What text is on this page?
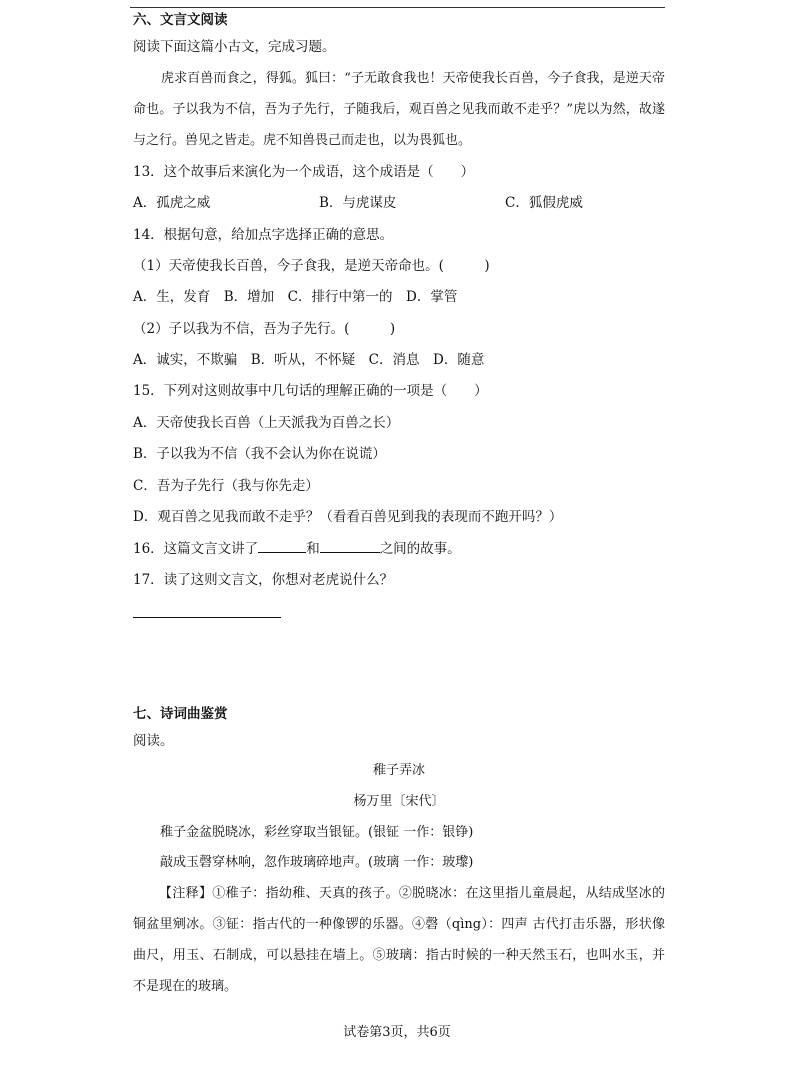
六、文言文阅读
阅读下面这篇小古文，完成习题。
虎求百兽而食之，得狐。狐曰：“子无敢食我也！天帝使我长百兽，今子食我，是逆天帝命也。子以我为不信，吾为子先行，子随我后，观百兽之见我而敢不走乎？”虎以为然，故遂与之行。兽见之皆走。虎不知兽畏己而走也，以为畏狐也。
13．这个故事后来演化为一个成语，这个成语是（　　）
A．孤虎之威	B．与虎谋皮	C．狐假虎威
14．根据句意，给加点字选择正确的意思。
（1）天帝使我长百兽，今子食我，是逆天帝命也。(　　　)
A．生，发育　B．增加　C．排行中第一的　D．掌管
（2）子以我为不信，吾为子先行。(　　　)
A．诚实，不欺骗　B．听从，不怀疑　C．消息　D．随意
15．下列对这则故事中几句话的理解正确的一项是（　　）
A．天帝使我长百兽（上天派我为百兽之长）
B．子以我为不信（我不会认为你在说谎）
C．吾为子先行（我与你先走）
D．观百兽之见我而敢不走乎？（看看百兽见到我的表现而不跑开吗？）
16．这篇文言文讲了	和	之间的故事。
17．读了这则文言文，你想对老虎说什么？
七、诗词曲鉴赏
阅读。
稚子弄冰
杨万里〔宋代〕
稚子金盆脱晓冰，彩丝穿取当银钲。(银钲 一作：银铮)
敲成玉磬穿林响，忽作玻璃碎地声。(玻璃 一作：玻瓈)
【注释】①稚子：指幼稚、天真的孩子。②脱晓冰：在这里指儿童晨起，从结成坚冰的铜盆里剜冰。③钲：指古代的一种像锣的乐器。④磬（qìng）：四声 古代打击乐器，形状像曲尺，用玉、石制成，可以悬挂在墙上。⑤玻璃：指古时候的一种天然玉石，也叫水玉，并不是现在的玻璃。
试卷第3页，共6页
